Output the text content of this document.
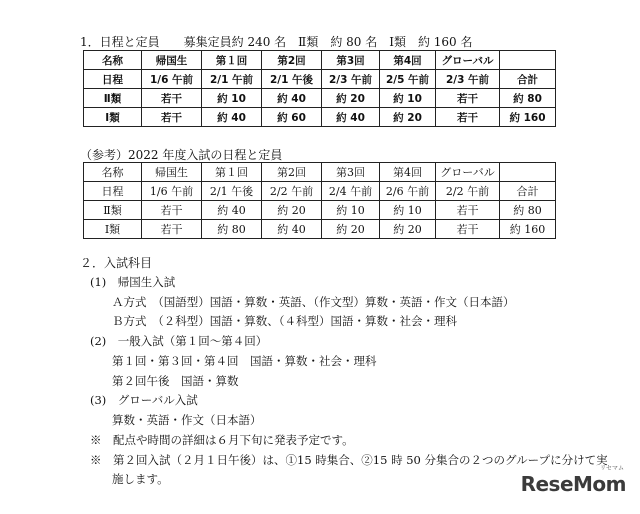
1．日程と定員　　募集定員約 240 名　Ⅱ類　約 80 名　Ⅰ類　約 160 名
名称	帰国生	第１回	第2回	第3回	第4回	グローバル	
日程	1/6 午前	2/1 午前	2/1 午後	2/3 午前	2/5 午前	2/3 午前	合計
Ⅱ類	若干	約 10	約 40	約 20	約 10	若干	約 80
Ⅰ類	若干	約 40	約 60	約 40	約 20	若干	約 160
（参考）2022 年度入試の日程と定員
名称	帰国生	第１回	第2回	第3回	第4回	グローバル	
日程	1/6 午前	2/1 午後	2/2 午前	2/4 午前	2/6 午前	2/2 午前	合計
Ⅱ類	若干	約 40	約 20	約 10	約 10	若干	約 80
Ⅰ類	若干	約 80	約 40	約 20	約 20	若干	約 160
２．入試科目
(1)　帰国生入試
Ａ方式　（国語型）国語・算数・英語、（作文型）算数・英語・作文（日本語）
Ｂ方式　（２科型）国語・算数、（４科型）国語・算数・社会・理科
(2)　一般入試（第１回～第４回）
第１回・第３回・第４回　国語・算数・社会・理科
第２回午後　国語・算数
(3)　グローバル入試
算数・英語・作文（日本語）
※　配点や時間の詳細は６月下旬に発表予定です。
※　第２回入試（２月１日午後）は、①15 時集合、②15 時 50 分集合の２つのグループに分けて実
施します。
リセマム
ReseMom
